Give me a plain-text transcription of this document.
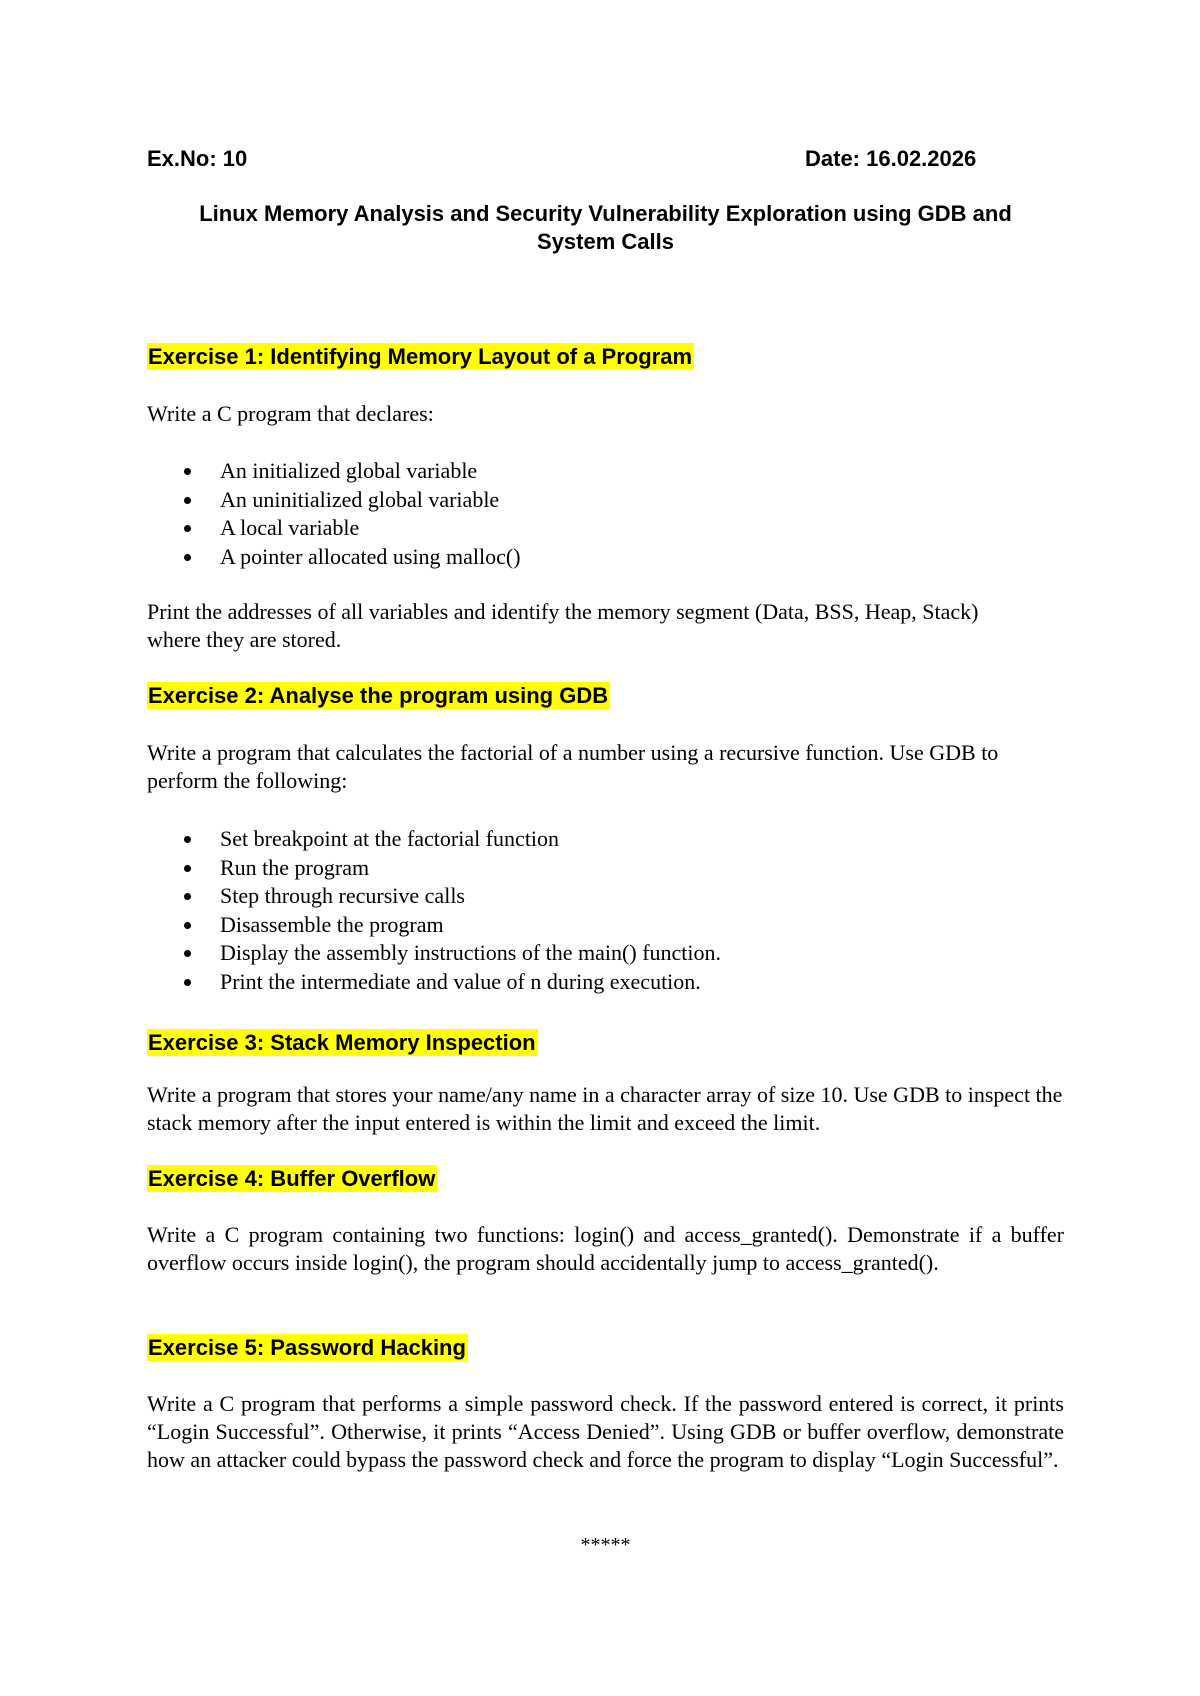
Ex.No: 10	Date: 16.02.2026
Linux Memory Analysis and Security Vulnerability Exploration using GDB and
System Calls
Exercise 1: Identifying Memory Layout of a Program

Write a C program that declares:

An initialized global variable
An uninitialized global variable
A local variable
A pointer allocated using malloc()

Print the addresses of all variables and identify the memory segment (Data, BSS, Heap, Stack) where they are stored.

Exercise 2: Analyse the program using GDB

Write a program that calculates the factorial of a number using a recursive function. Use GDB to perform the following:

Set breakpoint at the factorial function
Run the program
Step through recursive calls
Disassemble the program
Display the assembly instructions of the main() function.
Print the intermediate and value of n during execution.
Exercise 3: Stack Memory Inspection

Write a program that stores your name/any name in a character array of size 10. Use GDB to inspect the stack memory after the input entered is within the limit and exceed the limit.

Exercise 4: Buffer Overflow

Write a C program containing two functions: login() and access_granted(). Demonstrate if a buffer overflow occurs inside login(), the program should accidentally jump to access_granted().

Exercise 5: Password Hacking

Write a C program that performs a simple password check. If the password entered is correct, it prints “Login Successful”. Otherwise, it prints “Access Denied”. Using GDB or buffer overflow, demonstrate how an attacker could bypass the password check and force the program to display “Login Successful”.

*****
